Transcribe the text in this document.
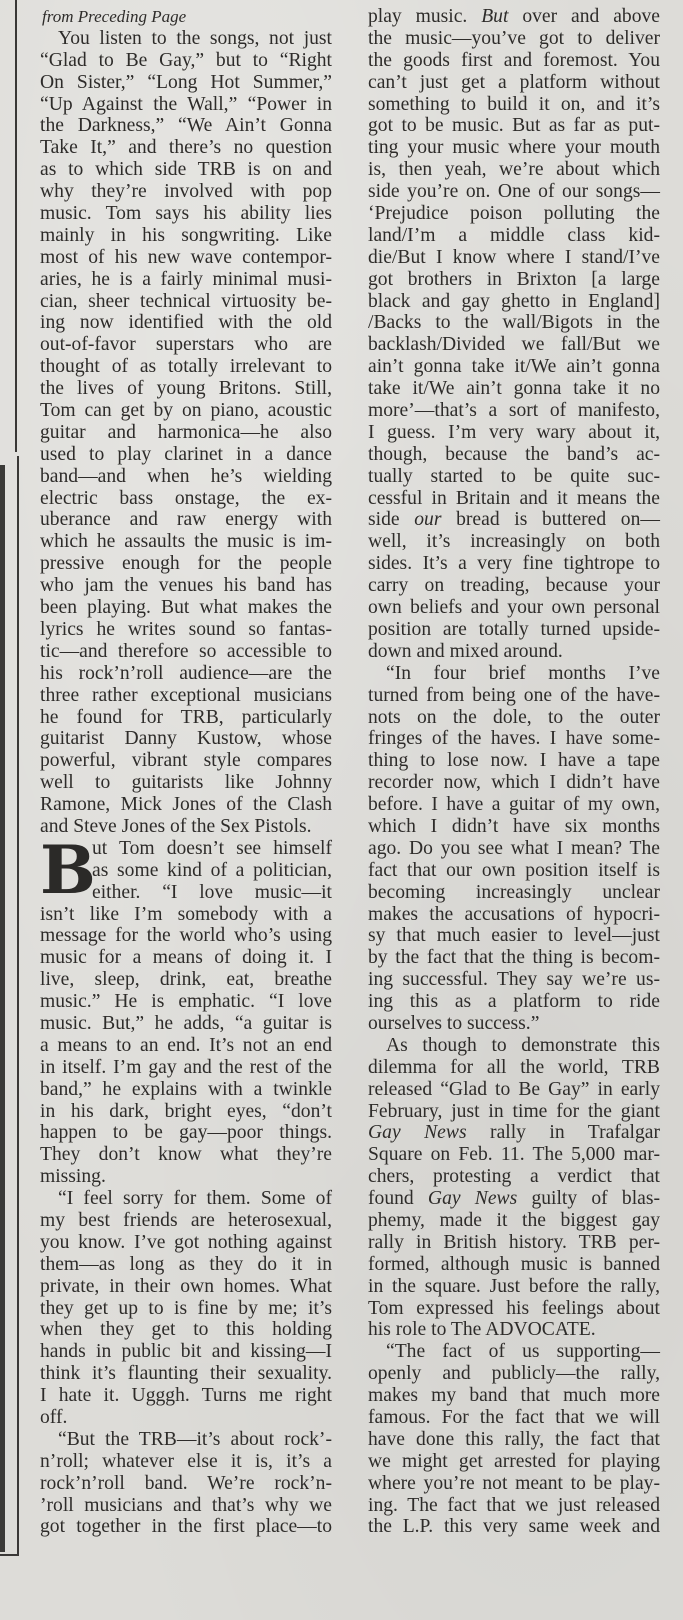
from Preceding Page
You listen to the songs, not just
“Glad to Be Gay,” but to “Right
On Sister,” “Long Hot Summer,”
“Up Against the Wall,” “Power in
the Darkness,” “We Ain’t Gonna
Take It,” and there’s no question
as to which side TRB is on and
why they’re involved with pop
music. Tom says his ability lies
mainly in his songwriting. Like
most of his new wave contempor-
aries, he is a fairly minimal musi-
cian, sheer technical virtuosity be-
ing now identified with the old
out-of-favor superstars who are
thought of as totally irrelevant to
the lives of young Britons. Still,
Tom can get by on piano, acoustic
guitar and harmonica—he also
used to play clarinet in a dance
band—and when he’s wielding
electric bass onstage, the ex-
uberance and raw energy with
which he assaults the music is im-
pressive enough for the people
who jam the venues his band has
been playing. But what makes the
lyrics he writes sound so fantas-
tic—and therefore so accessible to
his rock’n’roll audience—are the
three rather exceptional musicians
he found for TRB, particularly
guitarist Danny Kustow, whose
powerful, vibrant style compares
well to guitarists like Johnny
Ramone, Mick Jones of the Clash
and Steve Jones of the Sex Pistols.
B
ut Tom doesn’t see himself
as some kind of a politician,
either. “I love music—it
isn’t like I’m somebody with a
message for the world who’s using
music for a means of doing it. I
live, sleep, drink, eat, breathe
music.” He is emphatic. “I love
music. But,” he adds, “a guitar is
a means to an end. It’s not an end
in itself. I’m gay and the rest of the
band,” he explains with a twinkle
in his dark, bright eyes, “don’t
happen to be gay—poor things.
They don’t know what they’re
missing.
“I feel sorry for them. Some of
my best friends are heterosexual,
you know. I’ve got nothing against
them—as long as they do it in
private, in their own homes. What
they get up to is fine by me; it’s
when they get to this holding
hands in public bit and kissing—I
think it’s flaunting their sexuality.
I hate it. Ugggh. Turns me right
off.
“But the TRB—it’s about rock’-
n’roll; whatever else it is, it’s a
rock’n’roll band. We’re rock’n-
’roll musicians and that’s why we
got together in the first place—to
play music. But over and above
the music—you’ve got to deliver
the goods first and foremost. You
can’t just get a platform without
something to build it on, and it’s
got to be music. But as far as put-
ting your music where your mouth
is, then yeah, we’re about which
side you’re on. One of our songs—
‘Prejudice poison polluting the
land/I’m a middle class kid-
die/But I know where I stand/I’ve
got brothers in Brixton [a large
black and gay ghetto in England]
/Backs to the wall/Bigots in the
backlash/Divided we fall/But we
ain’t gonna take it/We ain’t gonna
take it/We ain’t gonna take it no
more’—that’s a sort of manifesto,
I guess. I’m very wary about it,
though, because the band’s ac-
tually started to be quite suc-
cessful in Britain and it means the
side our bread is buttered on—
well, it’s increasingly on both
sides. It’s a very fine tightrope to
carry on treading, because your
own beliefs and your own personal
position are totally turned upside-
down and mixed around.
“In four brief months I’ve
turned from being one of the have-
nots on the dole, to the outer
fringes of the haves. I have some-
thing to lose now. I have a tape
recorder now, which I didn’t have
before. I have a guitar of my own,
which I didn’t have six months
ago. Do you see what I mean? The
fact that our own position itself is
becoming increasingly unclear
makes the accusations of hypocri-
sy that much easier to level—just
by the fact that the thing is becom-
ing successful. They say we’re us-
ing this as a platform to ride
ourselves to success.”
As though to demonstrate this
dilemma for all the world, TRB
released “Glad to Be Gay” in early
February, just in time for the giant
Gay News rally in Trafalgar
Square on Feb. 11. The 5,000 mar-
chers, protesting a verdict that
found Gay News guilty of blas-
phemy, made it the biggest gay
rally in British history. TRB per-
formed, although music is banned
in the square. Just before the rally,
Tom expressed his feelings about
his role to The ADVOCATE.
“The fact of us supporting—
openly and publicly—the rally,
makes my band that much more
famous. For the fact that we will
have done this rally, the fact that
we might get arrested for playing
where you’re not meant to be play-
ing. The fact that we just released
the L.P. this very same week and
